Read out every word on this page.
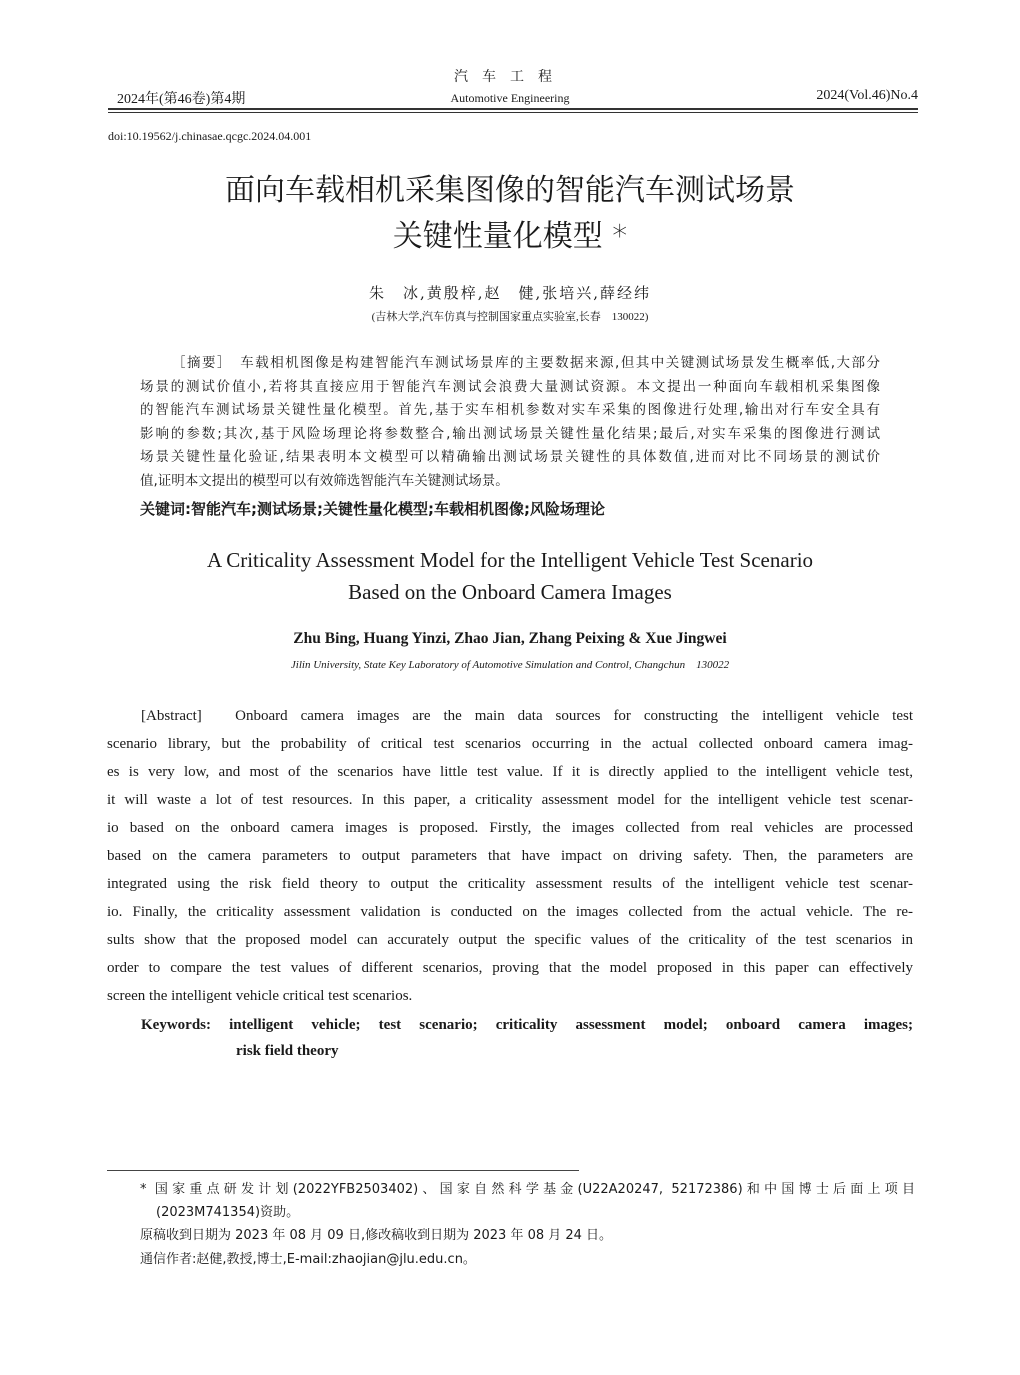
汽车工程
2024年(第46卷)第4期	Automotive Engineering	2024(Vol.46)No.4
doi:10.19562/j.chinasae.qcgc.2024.04.001
面向车载相机采集图像的智能汽车测试场景
关键性量化模型 *
朱　冰,黄殷梓,赵　健,张培兴,薛经纬
(吉林大学,汽车仿真与控制国家重点实验室,长春　130022)
［摘要］　车载相机图像是构建智能汽车测试场景库的主要数据来源,但其中关键测试场景发生概率低,大部分
场景的测试价值小,若将其直接应用于智能汽车测试会浪费大量测试资源。本文提出一种面向车载相机采集图像
的智能汽车测试场景关键性量化模型。首先,基于实车相机参数对实车采集的图像进行处理,输出对行车安全具有
影响的参数;其次,基于风险场理论将参数整合,输出测试场景关键性量化结果;最后,对实车采集的图像进行测试
场景关键性量化验证,结果表明本文模型可以精确输出测试场景关键性的具体数值,进而对比不同场景的测试价
值,证明本文提出的模型可以有效筛选智能汽车关键测试场景。
关键词:智能汽车;测试场景;关键性量化模型;车载相机图像;风险场理论
A Criticality Assessment Model for the Intelligent Vehicle Test Scenario
Based on the Onboard Camera Images
Zhu Bing, Huang Yinzi, Zhao Jian, Zhang Peixing & Xue Jingwei
Jilin University, State Key Laboratory of Automotive Simulation and Control, Changchun　130022
[Abstract]　Onboard camera images are the main data sources for constructing the intelligent vehicle test
scenario library, but the probability of critical test scenarios occurring in the actual collected onboard camera imag-
es is very low, and most of the scenarios have little test value. If it is directly applied to the intelligent vehicle test,
it will waste a lot of test resources. In this paper, a criticality assessment model for the intelligent vehicle test scenar-
io based on the onboard camera images is proposed. Firstly, the images collected from real vehicles are processed
based on the camera parameters to output parameters that have impact on driving safety. Then, the parameters are
integrated using the risk field theory to output the criticality assessment results of the intelligent vehicle test scenar-
io. Finally, the criticality assessment validation is conducted on the images collected from the actual vehicle. The re-
sults show that the proposed model can accurately output the specific values of the criticality of the test scenarios in
order to compare the test values of different scenarios, proving that the model proposed in this paper can effectively
screen the intelligent vehicle critical test scenarios.
Keywords: intelligent vehicle; test scenario; criticality assessment model; onboard camera images;
risk field theory
* 国家重点研发计划(2022YFB2503402)、国家自然科学基金(U22A20247, 52172386)和中国博士后面上项目
(2023M741354)资助。
原稿收到日期为 2023 年 08 月 09 日,修改稿收到日期为 2023 年 08 月 24 日。
通信作者:赵健,教授,博士,E-mail:zhaojian@jlu.edu.cn。
